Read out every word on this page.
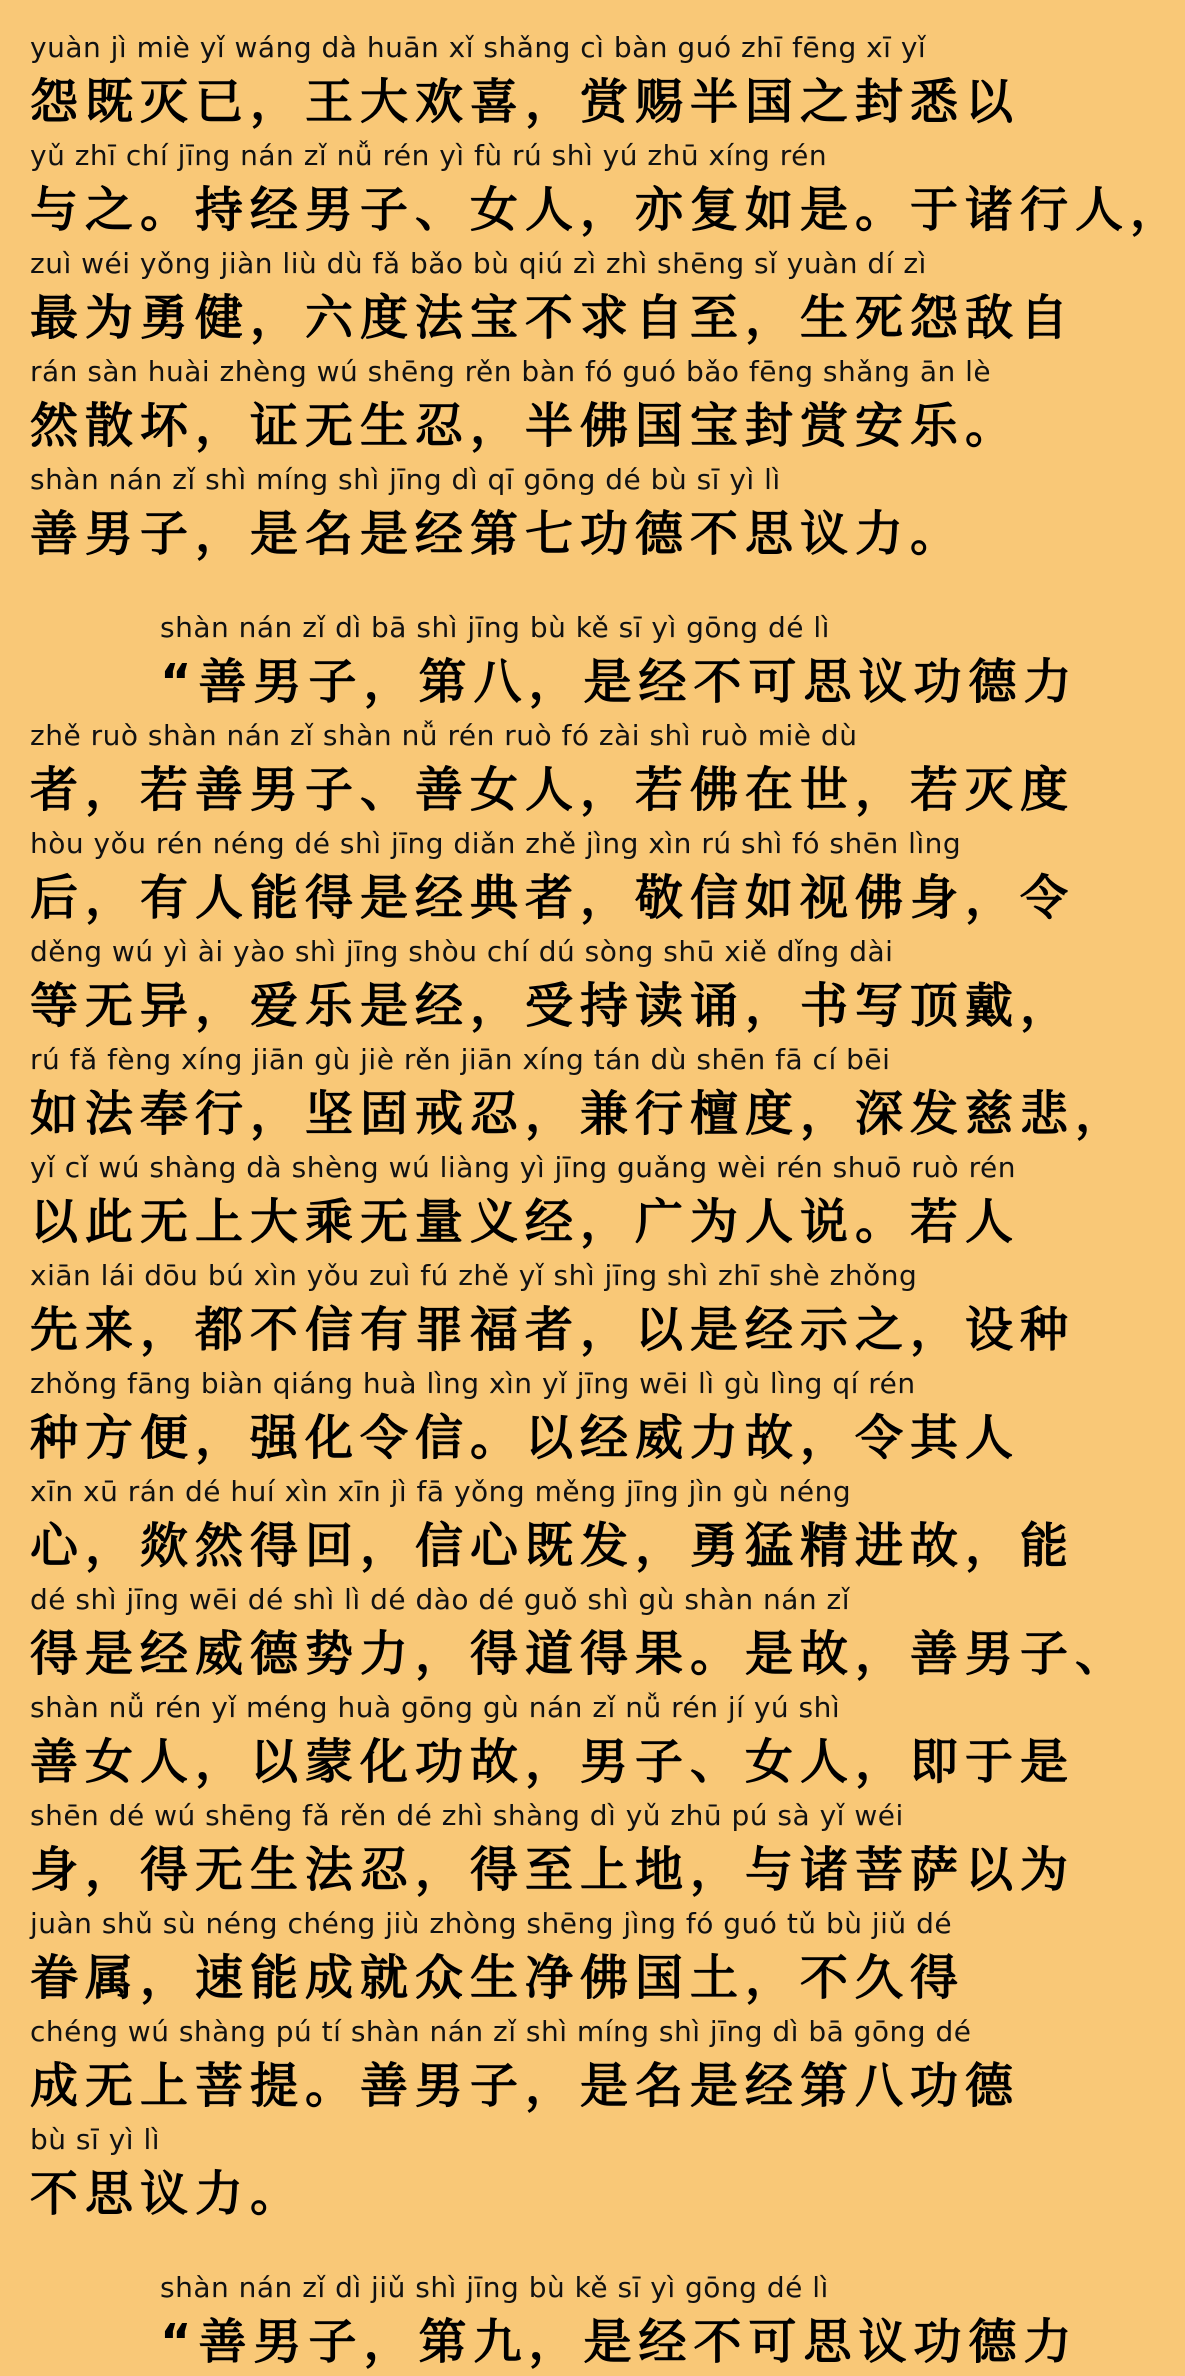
yuàn jì miè yǐ wáng dà huān xǐ shǎng cì bàn guó zhī fēng xī yǐ
怨既灭已，王大欢喜，赏赐半国之封悉以
yǔ zhī chí jīng nán zǐ nǚ rén yì fù rú shì yú zhū xíng rén
与之。持经男子、女人，亦复如是。于诸行人，
zuì wéi yǒng jiàn liù dù fǎ bǎo bù qiú zì zhì shēng sǐ yuàn dí zì
最为勇健，六度法宝不求自至，生死怨敌自
rán sàn huài zhèng wú shēng rěn bàn fó guó bǎo fēng shǎng ān lè
然散坏，证无生忍，半佛国宝封赏安乐。
shàn nán zǐ shì míng shì jīng dì qī gōng dé bù sī yì lì
善男子，是名是经第七功德不思议力。
shàn nán zǐ dì bā shì jīng bù kě sī yì gōng dé lì
“善男子，第八，是经不可思议功德力
zhě ruò shàn nán zǐ shàn nǚ rén ruò fó zài shì ruò miè dù
者，若善男子、善女人，若佛在世，若灭度
hòu yǒu rén néng dé shì jīng diǎn zhě jìng xìn rú shì fó shēn lìng
后，有人能得是经典者，敬信如视佛身，令
děng wú yì ài yào shì jīng shòu chí dú sòng shū xiě dǐng dài
等无异，爱乐是经，受持读诵，书写顶戴，
rú fǎ fèng xíng jiān gù jiè rěn jiān xíng tán dù shēn fā cí bēi
如法奉行，坚固戒忍，兼行檀度，深发慈悲，
yǐ cǐ wú shàng dà shèng wú liàng yì jīng guǎng wèi rén shuō ruò rén
以此无上大乘无量义经，广为人说。若人
xiān lái dōu bú xìn yǒu zuì fú zhě yǐ shì jīng shì zhī shè zhǒng
先来，都不信有罪福者，以是经示之，设种
zhǒng fāng biàn qiáng huà lìng xìn yǐ jīng wēi lì gù lìng qí rén
种方便，强化令信。以经威力故，令其人
xīn xū rán dé huí xìn xīn jì fā yǒng měng jīng jìn gù néng
心，欻然得回，信心既发，勇猛精进故，能
dé shì jīng wēi dé shì lì dé dào dé guǒ shì gù shàn nán zǐ
得是经威德势力，得道得果。是故，善男子、
shàn nǚ rén yǐ méng huà gōng gù nán zǐ nǚ rén jí yú shì
善女人，以蒙化功故，男子、女人，即于是
shēn dé wú shēng fǎ rěn dé zhì shàng dì yǔ zhū pú sà yǐ wéi
身，得无生法忍，得至上地，与诸菩萨以为
juàn shǔ sù néng chéng jiù zhòng shēng jìng fó guó tǔ bù jiǔ dé
眷属，速能成就众生净佛国土，不久得
chéng wú shàng pú tí shàn nán zǐ shì míng shì jīng dì bā gōng dé
成无上菩提。善男子，是名是经第八功德
bù sī yì lì
不思议力。
shàn nán zǐ dì jiǔ shì jīng bù kě sī yì gōng dé lì
“善男子，第九，是经不可思议功德力
